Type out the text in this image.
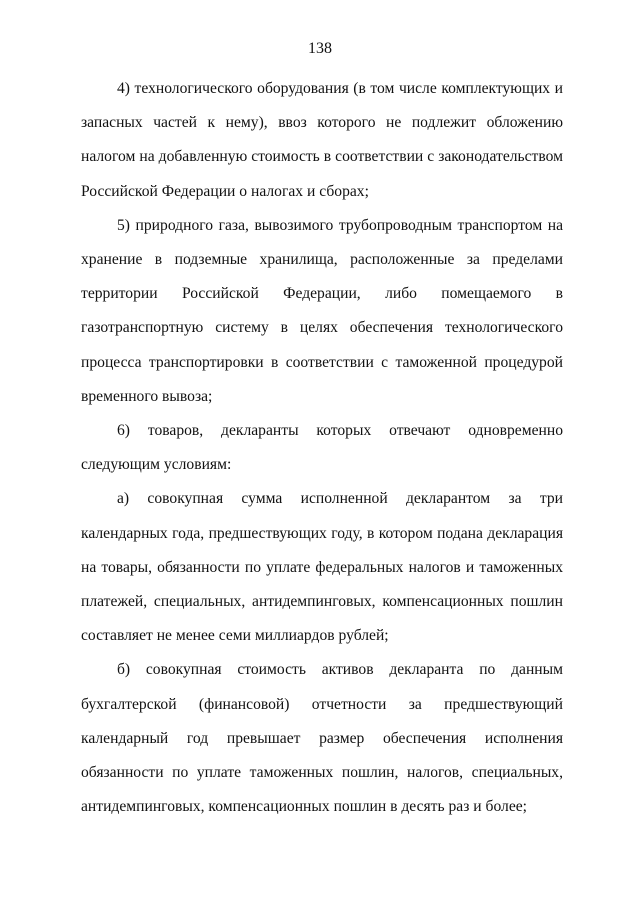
138

4) технологического оборудования (в том числе комплектующих и запасных частей к нему), ввоз которого не подлежит обложению налогом на добавленную стоимость в соответствии с законодательством Российской Федерации о налогах и сборах;

5) природного газа, вывозимого трубопроводным транспортом на хранение в подземные хранилища, расположенные за пределами территории Российской Федерации, либо помещаемого в газотранспортную систему в целях обеспечения технологического процесса транспортировки в соответствии с таможенной процедурой временного вывоза;

6) товаров, декларанты которых отвечают одновременно следующим условиям:

а) совокупная сумма исполненной декларантом за три календарных года, предшествующих году, в котором подана декларация на товары, обязанности по уплате федеральных налогов и таможенных платежей, специальных, антидемпинговых, компенсационных пошлин составляет не менее семи миллиардов рублей;

б) совокупная стоимость активов декларанта по данным бухгалтерской (финансовой) отчетности за предшествующий календарный год превышает размер обеспечения исполнения обязанности по уплате таможенных пошлин, налогов, специальных, антидемпинговых, компенсационных пошлин в десять раз и более;
